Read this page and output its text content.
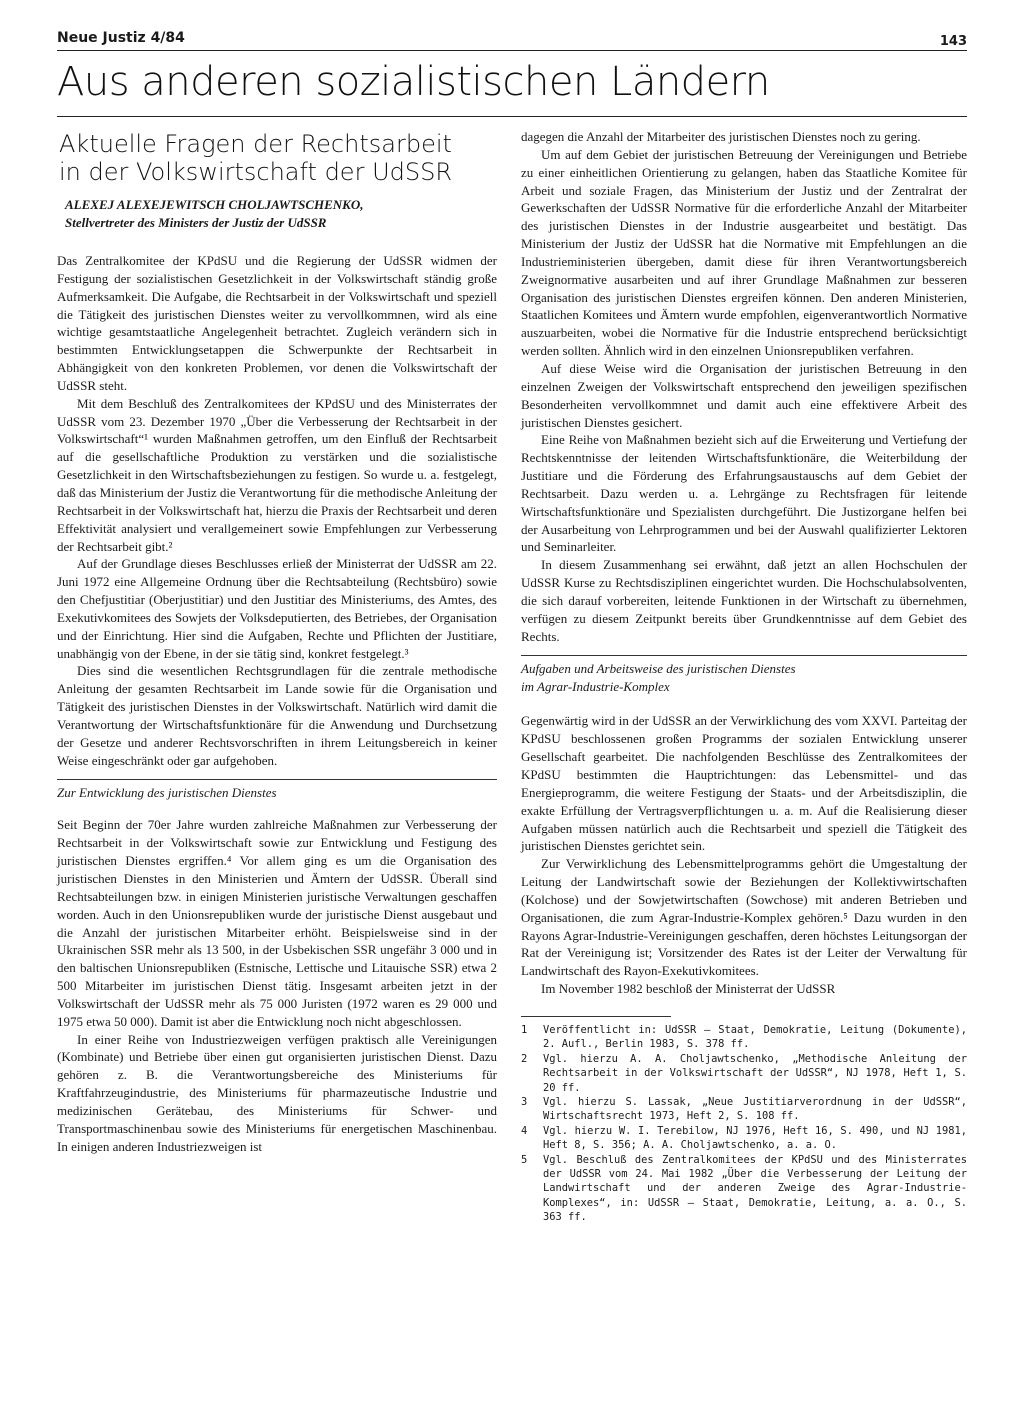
Neue Justiz 4/84	143
Aus anderen sozialistischen Ländern
Aktuelle Fragen der Rechtsarbeit
in der Volkswirtschaft der UdSSR
ALEXEJ ALEXEJEWITSCH CHOLJAWTSCHENKO,
Stellvertreter des Ministers der Justiz der UdSSR

Das Zentralkomitee der KPdSU und die Regierung der UdSSR widmen der Festigung der sozialistischen Gesetzlichkeit in der Volkswirtschaft ständig große Aufmerksamkeit. Die Aufgabe, die Rechtsarbeit in der Volkswirtschaft und speziell die Tätigkeit des juristischen Dienstes weiter zu vervollkommnen, wird als eine wichtige gesamtstaatliche Angelegenheit betrachtet. Zugleich verändern sich in bestimmten Entwicklungsetappen die Schwerpunkte der Rechtsarbeit in Abhängigkeit von den konkreten Problemen, vor denen die Volkswirtschaft der UdSSR steht.

Mit dem Beschluß des Zentralkomitees der KPdSU und des Ministerrates der UdSSR vom 23. Dezember 1970 „Über die Verbesserung der Rechtsarbeit in der Volkswirtschaft“¹ wurden Maßnahmen getroffen, um den Einfluß der Rechtsarbeit auf die gesellschaftliche Produktion zu verstärken und die sozialistische Gesetzlichkeit in den Wirtschaftsbeziehungen zu festigen. So wurde u. a. festgelegt, daß das Ministerium der Justiz die Verantwortung für die methodische Anleitung der Rechtsarbeit in der Volkswirtschaft hat, hierzu die Praxis der Rechtsarbeit und deren Effektivität analysiert und verallgemeinert sowie Empfehlungen zur Verbesserung der Rechtsarbeit gibt.²

Auf der Grundlage dieses Beschlusses erließ der Ministerrat der UdSSR am 22. Juni 1972 eine Allgemeine Ordnung über die Rechtsabteilung (Rechtsbüro) sowie den Chefjustitiar (Oberjustitiar) und den Justitiar des Ministeriums, des Amtes, des Exekutivkomitees des Sowjets der Volksdeputierten, des Betriebes, der Organisation und der Einrichtung. Hier sind die Aufgaben, Rechte und Pflichten der Justitiare, unabhängig von der Ebene, in der sie tätig sind, konkret festgelegt.³

Dies sind die wesentlichen Rechtsgrundlagen für die zentrale methodische Anleitung der gesamten Rechtsarbeit im Lande sowie für die Organisation und Tätigkeit des juristischen Dienstes in der Volkswirtschaft. Natürlich wird damit die Verantwortung der Wirtschaftsfunktionäre für die Anwendung und Durchsetzung der Gesetze und anderer Rechtsvorschriften in ihrem Leitungsbereich in keiner Weise eingeschränkt oder gar aufgehoben.

Zur Entwicklung des juristischen Dienstes

Seit Beginn der 70er Jahre wurden zahlreiche Maßnahmen zur Verbesserung der Rechtsarbeit in der Volkswirtschaft sowie zur Entwicklung und Festigung des juristischen Dienstes ergriffen.⁴ Vor allem ging es um die Organisation des juristischen Dienstes in den Ministerien und Ämtern der UdSSR. Überall sind Rechtsabteilungen bzw. in einigen Ministerien juristische Verwaltungen geschaffen worden. Auch in den Unionsrepubliken wurde der juristische Dienst ausgebaut und die Anzahl der juristischen Mitarbeiter erhöht. Beispielsweise sind in der Ukrainischen SSR mehr als 13 500, in der Usbekischen SSR ungefähr 3 000 und in den baltischen Unionsrepubliken (Estnische, Lettische und Litauische SSR) etwa 2 500 Mitarbeiter im juristischen Dienst tätig. Insgesamt arbeiten jetzt in der Volkswirtschaft der UdSSR mehr als 75 000 Juristen (1972 waren es 29 000 und 1975 etwa 50 000). Damit ist aber die Entwicklung noch nicht abgeschlossen.

In einer Reihe von Industriezweigen verfügen praktisch alle Vereinigungen (Kombinate) und Betriebe über einen gut organisierten juristischen Dienst. Dazu gehören z. B. die Verantwortungsbereiche des Ministeriums für Kraftfahrzeugindustrie, des Ministeriums für pharmazeutische Industrie und medizinischen Gerätebau, des Ministeriums für Schwer- und Transportmaschinenbau sowie des Ministeriums für energetischen Maschinenbau. In einigen anderen Industriezweigen ist

dagegen die Anzahl der Mitarbeiter des juristischen Dienstes noch zu gering.

Um auf dem Gebiet der juristischen Betreuung der Vereinigungen und Betriebe zu einer einheitlichen Orientierung zu gelangen, haben das Staatliche Komitee für Arbeit und soziale Fragen, das Ministerium der Justiz und der Zentralrat der Gewerkschaften der UdSSR Normative für die erforderliche Anzahl der Mitarbeiter des juristischen Dienstes in der Industrie ausgearbeitet und bestätigt. Das Ministerium der Justiz der UdSSR hat die Normative mit Empfehlungen an die Industrieministerien übergeben, damit diese für ihren Verantwortungsbereich Zweignormative ausarbeiten und auf ihrer Grundlage Maßnahmen zur besseren Organisation des juristischen Dienstes ergreifen können. Den anderen Ministerien, Staatlichen Komitees und Ämtern wurde empfohlen, eigenverantwortlich Normative auszuarbeiten, wobei die Normative für die Industrie entsprechend berücksichtigt werden sollten. Ähnlich wird in den einzelnen Unionsrepubliken verfahren.

Auf diese Weise wird die Organisation der juristischen Betreuung in den einzelnen Zweigen der Volkswirtschaft entsprechend den jeweiligen spezifischen Besonderheiten vervollkommnet und damit auch eine effektivere Arbeit des juristischen Dienstes gesichert.

Eine Reihe von Maßnahmen bezieht sich auf die Erweiterung und Vertiefung der Rechtskenntnisse der leitenden Wirtschaftsfunktionäre, die Weiterbildung der Justitiare und die Förderung des Erfahrungsaustauschs auf dem Gebiet der Rechtsarbeit. Dazu werden u. a. Lehrgänge zu Rechtsfragen für leitende Wirtschaftsfunktionäre und Spezialisten durchgeführt. Die Justizorgane helfen bei der Ausarbeitung von Lehrprogrammen und bei der Auswahl qualifizierter Lektoren und Seminarleiter.

In diesem Zusammenhang sei erwähnt, daß jetzt an allen Hochschulen der UdSSR Kurse zu Rechtsdisziplinen eingerichtet wurden. Die Hochschulabsolventen, die sich darauf vorbereiten, leitende Funktionen in der Wirtschaft zu übernehmen, verfügen zu diesem Zeitpunkt bereits über Grundkenntnisse auf dem Gebiet des Rechts.

Aufgaben und Arbeitsweise des juristischen Dienstes
im Agrar-Industrie-Komplex

Gegenwärtig wird in der UdSSR an der Verwirklichung des vom XXVI. Parteitag der KPdSU beschlossenen großen Programms der sozialen Entwicklung unserer Gesellschaft gearbeitet. Die nachfolgenden Beschlüsse des Zentralkomitees der KPdSU bestimmten die Hauptrichtungen: das Lebensmittel- und das Energieprogramm, die weitere Festigung der Staats- und der Arbeitsdisziplin, die exakte Erfüllung der Vertragsverpflichtungen u. a. m. Auf die Realisierung dieser Aufgaben müssen natürlich auch die Rechtsarbeit und speziell die Tätigkeit des juristischen Dienstes gerichtet sein.

Zur Verwirklichung des Lebensmittelprogramms gehört die Umgestaltung der Leitung der Landwirtschaft sowie der Beziehungen der Kollektivwirtschaften (Kolchose) und der Sowjetwirtschaften (Sowchose) mit anderen Betrieben und Organisationen, die zum Agrar-Industrie-Komplex gehören.⁵ Dazu wurden in den Rayons Agrar-Industrie-Vereinigungen geschaffen, deren höchstes Leitungsorgan der Rat der Vereinigung ist; Vorsitzender des Rates ist der Leiter der Verwaltung für Landwirtschaft des Rayon-Exekutivkomitees.

Im November 1982 beschloß der Ministerrat der UdSSR

1	Veröffentlicht in: UdSSR – Staat, Demokratie, Leitung (Dokumente), 2. Aufl., Berlin 1983, S. 378 ff.
2	Vgl. hierzu A. A. Choljawtschenko, „Methodische Anleitung der Rechtsarbeit in der Volkswirtschaft der UdSSR“, NJ 1978, Heft 1, S. 20 ff.
3	Vgl. hierzu S. Lassak, „Neue Justitiarverordnung in der UdSSR“, Wirtschaftsrecht 1973, Heft 2, S. 108 ff.
4	Vgl. hierzu W. I. Terebilow, NJ 1976, Heft 16, S. 490, und NJ 1981, Heft 8, S. 356; A. A. Choljawtschenko, a. a. O.
5	Vgl. Beschluß des Zentralkomitees der KPdSU und des Ministerrates der UdSSR vom 24. Mai 1982 „Über die Verbesserung der Leitung der Landwirtschaft und der anderen Zweige des Agrar-Industrie-Komplexes“, in: UdSSR – Staat, Demokratie, Leitung, a. a. O., S. 363 ff.
